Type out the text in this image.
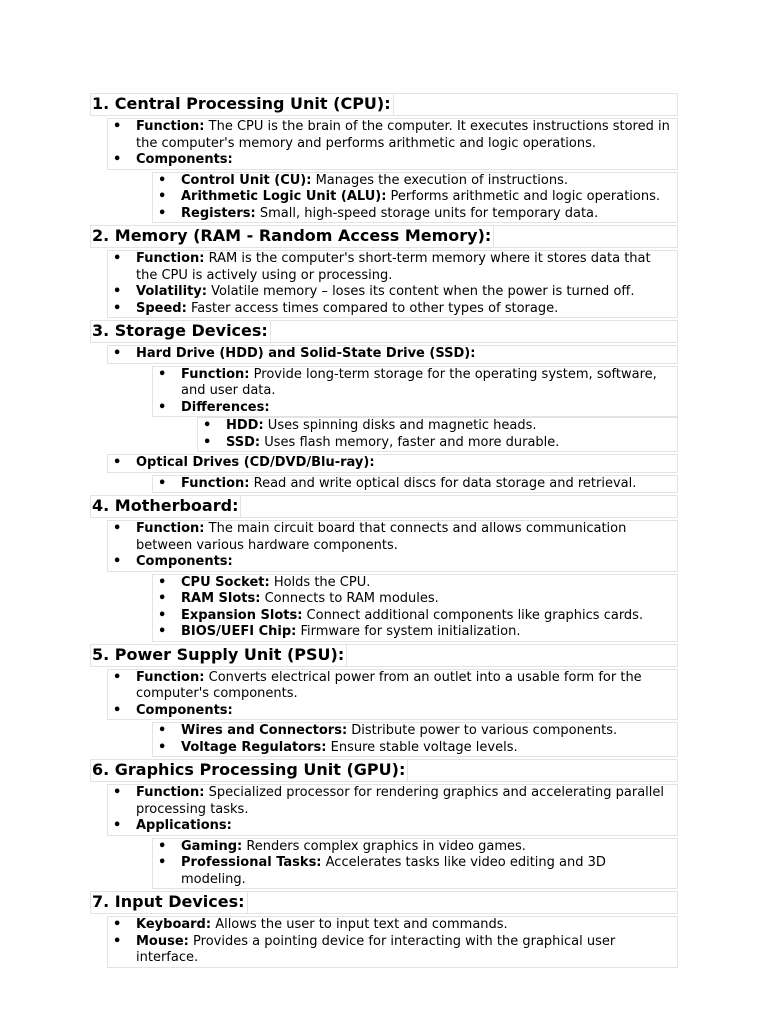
1. Central Processing Unit (CPU):
• Function: The CPU is the brain of the computer. It executes instructions stored in the computer's memory and performs arithmetic and logic operations.
• Components:
• Control Unit (CU): Manages the execution of instructions.
• Arithmetic Logic Unit (ALU): Performs arithmetic and logic operations.
• Registers: Small, high-speed storage units for temporary data.
2. Memory (RAM - Random Access Memory):
• Function: RAM is the computer's short-term memory where it stores data that the CPU is actively using or processing.
• Volatility: Volatile memory – loses its content when the power is turned off.
• Speed: Faster access times compared to other types of storage.
3. Storage Devices:
• Hard Drive (HDD) and Solid-State Drive (SSD):
• Function: Provide long-term storage for the operating system, software, and user data.
• Differences:
• HDD: Uses spinning disks and magnetic heads.
• SSD: Uses flash memory, faster and more durable.
• Optical Drives (CD/DVD/Blu-ray):
• Function: Read and write optical discs for data storage and retrieval.
4. Motherboard:
• Function: The main circuit board that connects and allows communication between various hardware components.
• Components:
• CPU Socket: Holds the CPU.
• RAM Slots: Connects to RAM modules.
• Expansion Slots: Connect additional components like graphics cards.
• BIOS/UEFI Chip: Firmware for system initialization.
5. Power Supply Unit (PSU):
• Function: Converts electrical power from an outlet into a usable form for the computer's components.
• Components:
• Wires and Connectors: Distribute power to various components.
• Voltage Regulators: Ensure stable voltage levels.
6. Graphics Processing Unit (GPU):
• Function: Specialized processor for rendering graphics and accelerating parallel processing tasks.
• Applications:
• Gaming: Renders complex graphics in video games.
• Professional Tasks: Accelerates tasks like video editing and 3D modeling.
7. Input Devices:
• Keyboard: Allows the user to input text and commands.
• Mouse: Provides a pointing device for interacting with the graphical user interface.
